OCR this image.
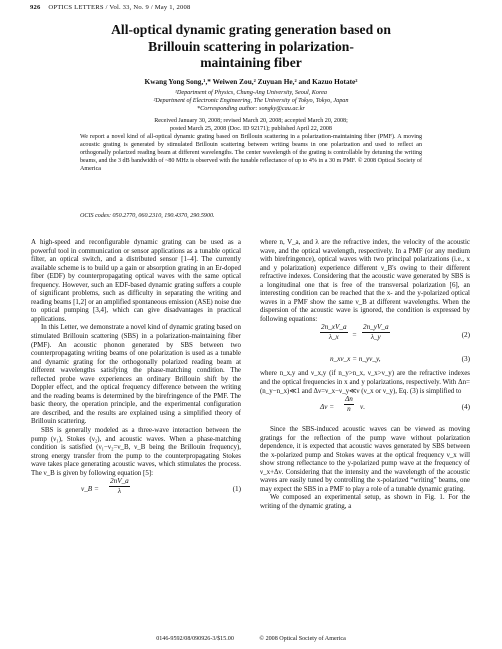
926 OPTICS LETTERS / Vol. 33, No. 9 / May 1, 2008
All-optical dynamic grating generation based on
Brillouin scattering in polarization-
maintaining fiber
Kwang Yong Song,¹,* Weiwen Zou,² Zuyuan He,² and Kazuo Hotate²
¹Department of Physics, Chung-Ang University, Seoul, Korea
²Department of Electronic Engineering, The University of Tokyo, Tokyo, Japan
*Corresponding author: songky@cau.ac.kr
Received January 30, 2008; revised March 20, 2008; accepted March 20, 2008;
posted March 25, 2008 (Doc. ID 92171); published April 22, 2008
We report a novel kind of all-optical dynamic grating based on Brillouin scattering in a polarization-maintaining fiber (PMF). A moving acoustic grating is generated by stimulated Brillouin scattering between writing beams in one polarization and used to reflect an orthogonally polarized reading beam at different wavelengths. The center wavelength of the grating is controllable by detuning the writing beams, and the 3 dB bandwidth of ~80 MHz is observed with the tunable reflectance of up to 4% in a 30 m PMF. © 2008 Optical Society of America
OCIS codes: 050.2770, 060.2310, 190.4370, 290.5900.

A high-speed and reconfigurable dynamic grating can be used as a powerful tool in communication or sensor applications as a tunable optical filter, an optical switch, and a distributed sensor [1–4]. The currently available scheme is to build up a gain or absorption grating in an Er-doped fiber (EDF) by counterpropagating optical waves with the same optical frequency. However, such an EDF-based dynamic grating suffers a couple of significant problems, such as difficulty in separating the writing and reading beams [1,2] or an amplified spontaneous emission (ASE) noise due to optical pumping [3,4], which can give disadvantages in practical applications.

In this Letter, we demonstrate a novel kind of dynamic grating based on stimulated Brillouin scattering (SBS) in a polarization-maintaining fiber (PMF). An acoustic phonon generated by SBS between two counterpropagating writing beams of one polarization is used as a tunable and dynamic grating for the orthogonally polarized reading beam at different wavelengths satisfying the phase-matching condition. The reflected probe wave experiences an ordinary Brillouin shift by the Doppler effect, and the optical frequency difference between the writing and the reading beams is determined by the birefringence of the PMF. The basic theory, the operation principle, and the experimental configuration are described, and the results are explained using a simplified theory of Brillouin scattering.

SBS is generally modeled as a three-wave interaction between the pump (ν₁), Stokes (ν₂), and acoustic waves. When a phase-matching condition is satisfied (ν₁−ν₂=ν_B, ν_B being the Brillouin frequency), strong energy transfer from the pump to the counterpropagating Stokes wave takes place generating acoustic waves, which stimulates the process. The ν_B is given by following equation [5]:

ν_B = $\frac{2nV\_a}{\lambda}$	(1)

where n, V_a, and λ are the refractive index, the velocity of the acoustic wave, and the optical wavelength, respectively. In a PMF (or any medium with birefringence), optical waves with two principal polarizations (i.e., x and y polarization) experience different ν_B's owing to their different refractive indexes. Considering that the acoustic wave generated by SBS is a longitudinal one that is free of the transversal polarization [6], an interesting condition can be reached that the x- and the y-polarized optical waves in a PMF show the same ν_B at different wavelengths. When the dispersion of the acoustic wave is ignored, the condition is expressed by following equations:

$\frac{2n\_xV\_a}{\lambda\_x} = \frac{2n\_yV\_a}{\lambda\_y}$	(2)
n_xν_x = n_yν_y,	(3)

where n_x,y and ν_x,y (if n_y>n_x, ν_x>ν_y) are the refractive indexes and the optical frequencies in x and y polarizations, respectively. With Δn=(n_y−n_x)≪1 and Δν=ν_x−ν_y≪ν (ν_x or ν_y), Eq. (3) is simplified to

$\Delta\nu = \frac{\Delta n}{n} \nu$.	(4)

Since the SBS-induced acoustic waves can be viewed as moving gratings for the reflection of the pump wave without polarization dependence, it is expected that acoustic waves generated by SBS between the x-polarized pump and Stokes waves at the optical frequency ν_x will show strong reflectance to the y-polarized pump wave at the frequency of ν_x+Δν. Considering that the intensity and the wavelength of the acoustic waves are easily tuned by controlling the x-polarized “writing” beams, one may expect the SBS in a PMF to play a role of a tunable dynamic grating.

We composed an experimental setup, as shown in Fig. 1. For the writing of the dynamic grating, a

0146-9592/08/090926-3/$15.00	© 2008 Optical Society of America
